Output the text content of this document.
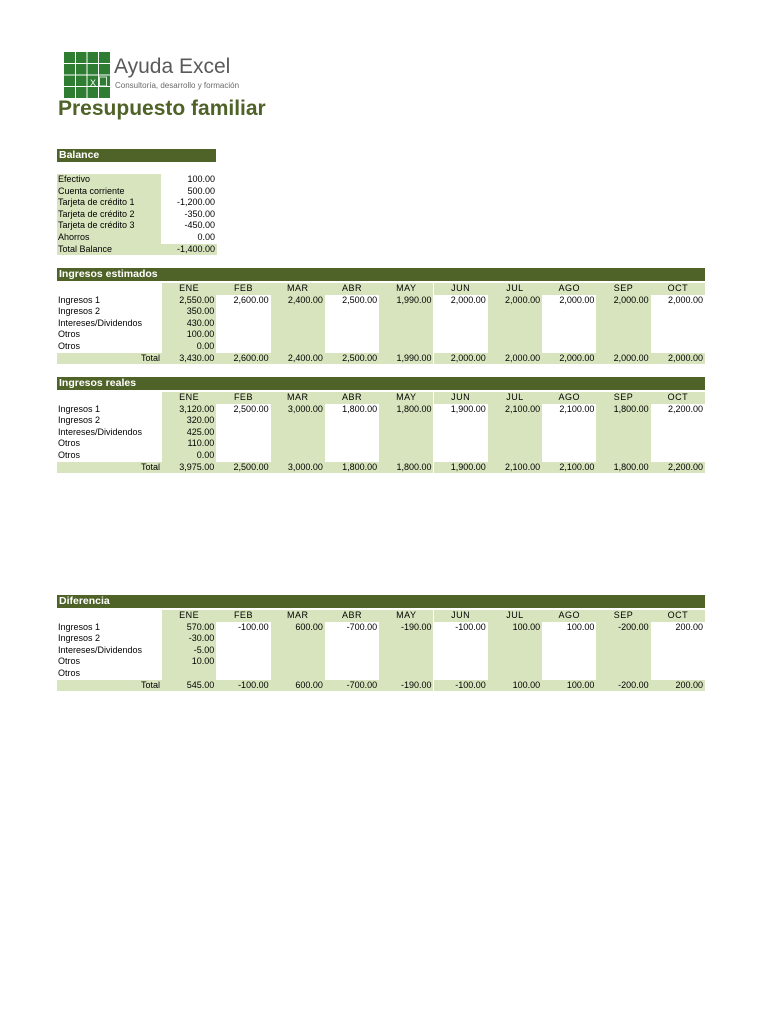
X
Ayuda Excel
Consultoría, desarrollo y formación
Presupuesto familiar
Balance
Efectivo	100.00
Cuenta corriente	500.00
Tarjeta de crédito 1	-1,200.00
Tarjeta de crédito 2	-350.00
Tarjeta de crédito 3	-450.00
Ahorros	0.00
Total Balance	-1,400.00
Ingresos estimados
ENE	FEB	MAR	ABR	MAY	JUN	JUL	AGO	SEP	OCT
Ingresos 1	2,550.00	2,600.00	2,400.00	2,500.00	1,990.00	2,000.00	2,000.00	2,000.00	2,000.00	2,000.00
Ingresos 2	350.00
Intereses/Dividendos	430.00
Otros	100.00
Otros	0.00
Total	3,430.00	2,600.00	2,400.00	2,500.00	1,990.00	2,000.00	2,000.00	2,000.00	2,000.00	2,000.00
Ingresos reales
ENE	FEB	MAR	ABR	MAY	JUN	JUL	AGO	SEP	OCT
Ingresos 1	3,120.00	2,500.00	3,000.00	1,800.00	1,800.00	1,900.00	2,100.00	2,100.00	1,800.00	2,200.00
Ingresos 2	320.00
Intereses/Dividendos	425.00
Otros	110.00
Otros	0.00
Total	3,975.00	2,500.00	3,000.00	1,800.00	1,800.00	1,900.00	2,100.00	2,100.00	1,800.00	2,200.00
Diferencia
ENE	FEB	MAR	ABR	MAY	JUN	JUL	AGO	SEP	OCT
Ingresos 1	570.00	-100.00	600.00	-700.00	-190.00	-100.00	100.00	100.00	-200.00	200.00
Ingresos 2	-30.00
Intereses/Dividendos	-5.00
Otros	10.00
Otros
Total	545.00	-100.00	600.00	-700.00	-190.00	-100.00	100.00	100.00	-200.00	200.00
